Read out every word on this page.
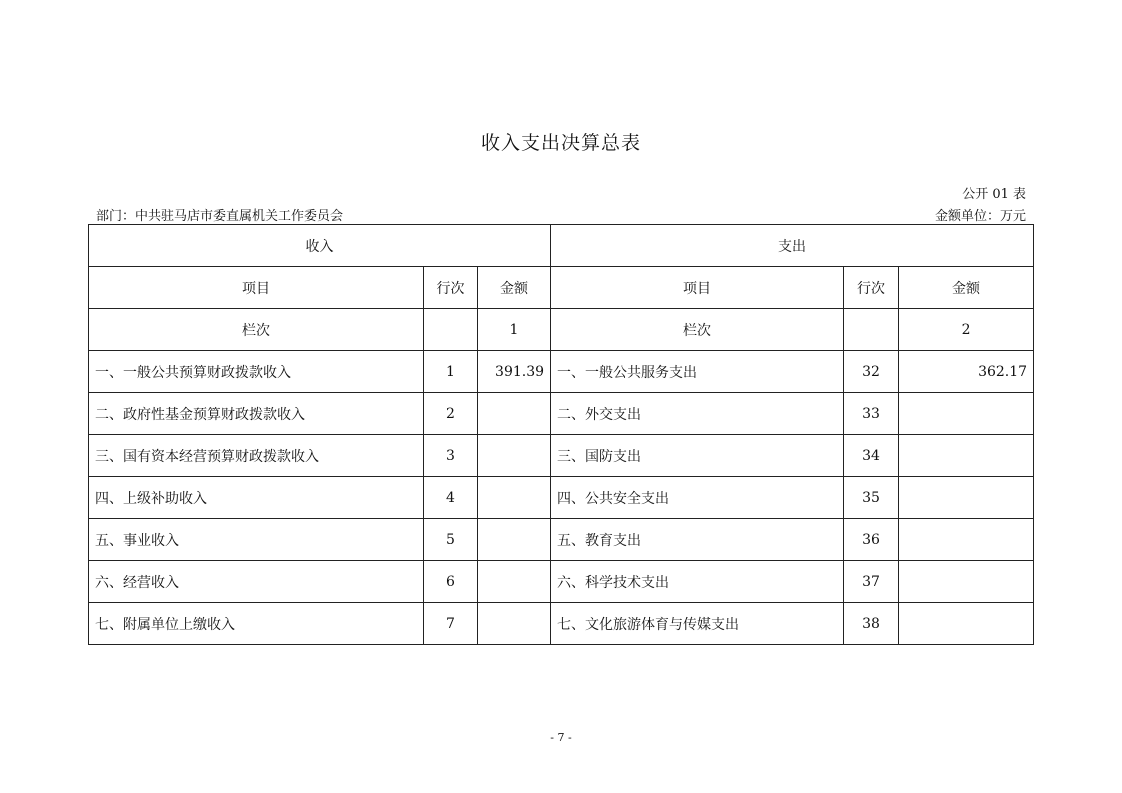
收入支出决算总表
公开 01 表
部门：中共驻马店市委直属机关工作委员会	金额单位：万元
收入			支出		
项目	行次	金额	项目	行次	金额
栏次		1	栏次		2
一、一般公共预算财政拨款收入	1	391.39	一、一般公共服务支出	32	362.17
二、政府性基金预算财政拨款收入	2		二、外交支出	33	
三、国有资本经营预算财政拨款收入	3		三、国防支出	34	
四、上级补助收入	4		四、公共安全支出	35	
五、事业收入	5		五、教育支出	36	
六、经营收入	6		六、科学技术支出	37	
七、附属单位上缴收入	7		七、文化旅游体育与传媒支出	38	
- 7 -
